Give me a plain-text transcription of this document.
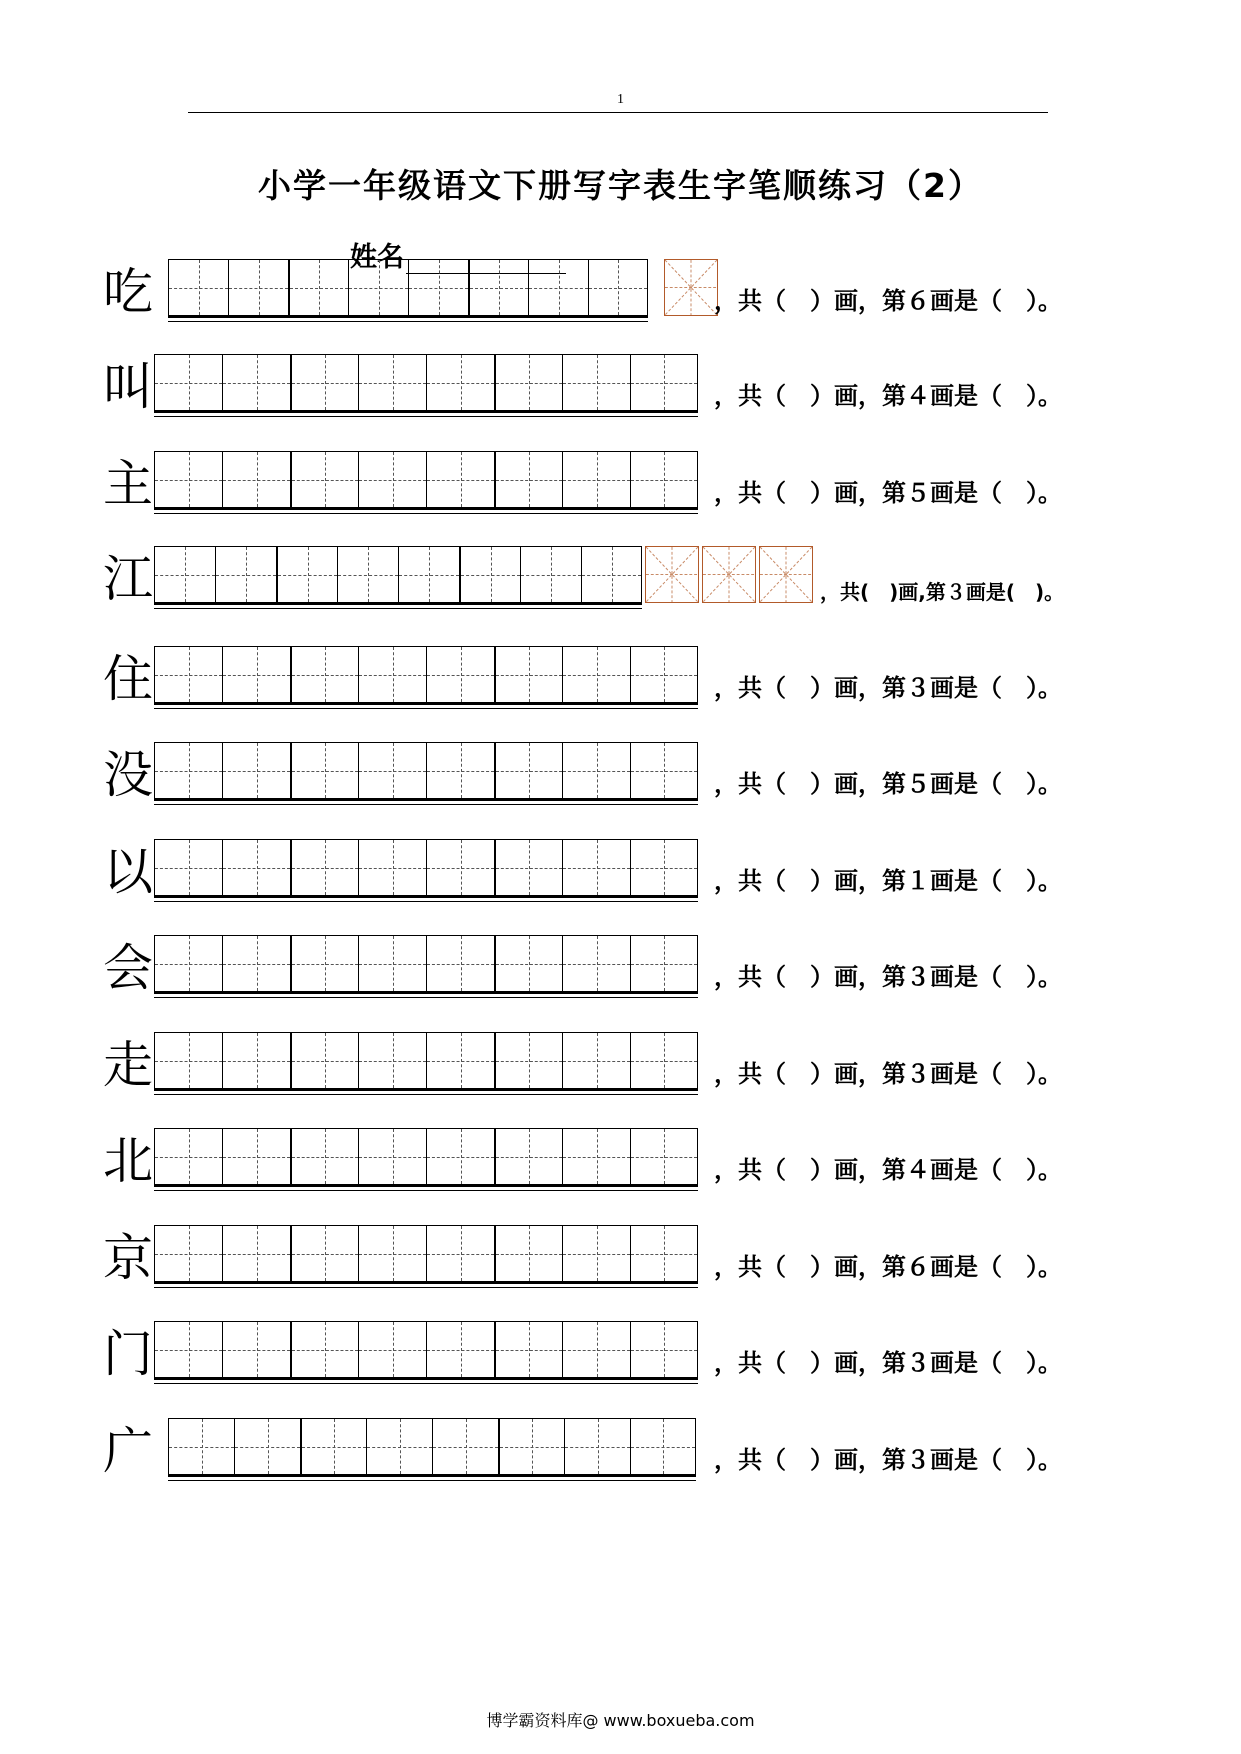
1
小学一年级语文下册写字表生字笔顺练习（2）
姓名
吃	，共（　）画，第６画是（　）。
叫	，共（　）画，第４画是（　）。
主	，共（　）画，第５画是（　）。
江	，共(　)画,第３画是(　)。
住	，共（　）画，第３画是（　）。
没	，共（　）画，第５画是（　）。
以	，共（　）画，第１画是（　）。
会	，共（　）画，第３画是（　）。
走	，共（　）画，第３画是（　）。
北	，共（　）画，第４画是（　）。
京	，共（　）画，第６画是（　）。
门	，共（　）画，第３画是（　）。
广	，共（　）画，第３画是（　）。
博学霸资料库@ www.boxueba.com
